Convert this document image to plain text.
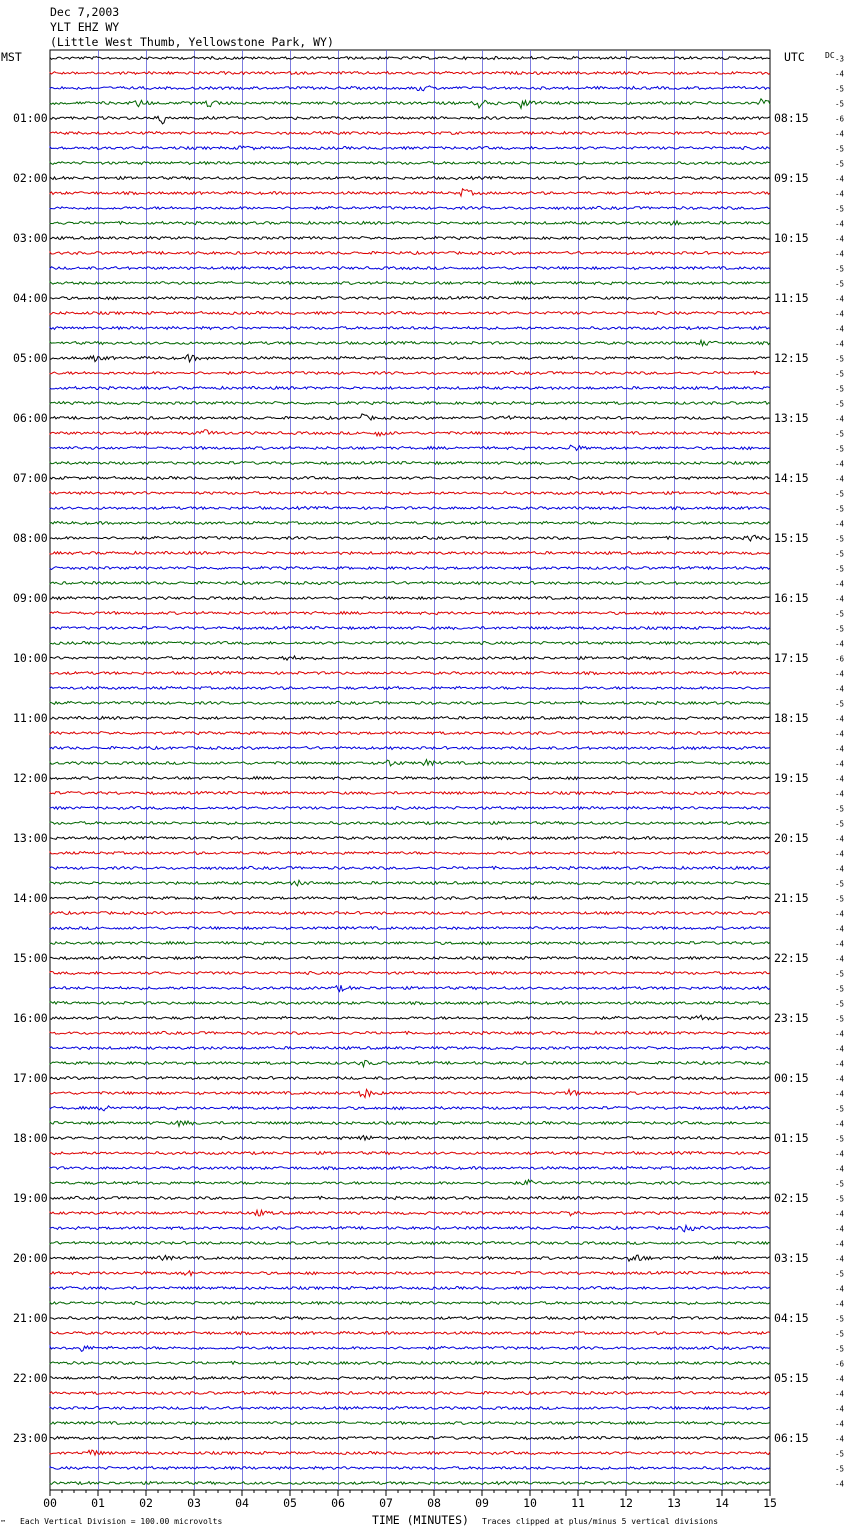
Dec 7,2003
YLT EHZ WY
(Little West Thumb, Yellowstone Park, WY)
MST	UTC	DC
TIME (MINUTES)
Each Vertical Division = 100.00 microvolts	Traces clipped at plus/minus 5 vertical divisions
™
00	01	02	03	04	05	06	07	08	09	10	11	12	13	14	15
-3
-4
-5
-5
-6
-4
-5
-5
-4
-4
-5
-4
-4
-4
-5
-5
-4
-4
-4
-4
-5
-5
-5
-5
-4
-5
-5
-4
-4
-5
-5
-4
-5
-5
-5
-4
-4
-5
-5
-4
-6
-4
-4
-5
-4
-4
-4
-4
-4
-4
-5
-5
-4
-4
-4
-5
-5
-4
-4
-4
-4
-5
-5
-5
-5
-4
-4
-4
-4
-4
-5
-4
-5
-4
-4
-5
-5
-4
-4
-4
-4
-5
-4
-4
-5
-5
-5
-6
-4
-4
-4
-4
-4
-5
-5
-4
01:00
02:00
03:00
04:00
05:00
06:00
07:00
08:00
09:00
10:00
11:00
12:00
13:00
14:00
15:00
16:00
17:00
18:00
19:00
20:00
21:00
22:00
23:00
08:15
09:15
10:15
11:15
12:15
13:15
14:15
15:15
16:15
17:15
18:15
19:15
20:15
21:15
22:15
23:15
00:15
01:15
02:15
03:15
04:15
05:15
06:15
